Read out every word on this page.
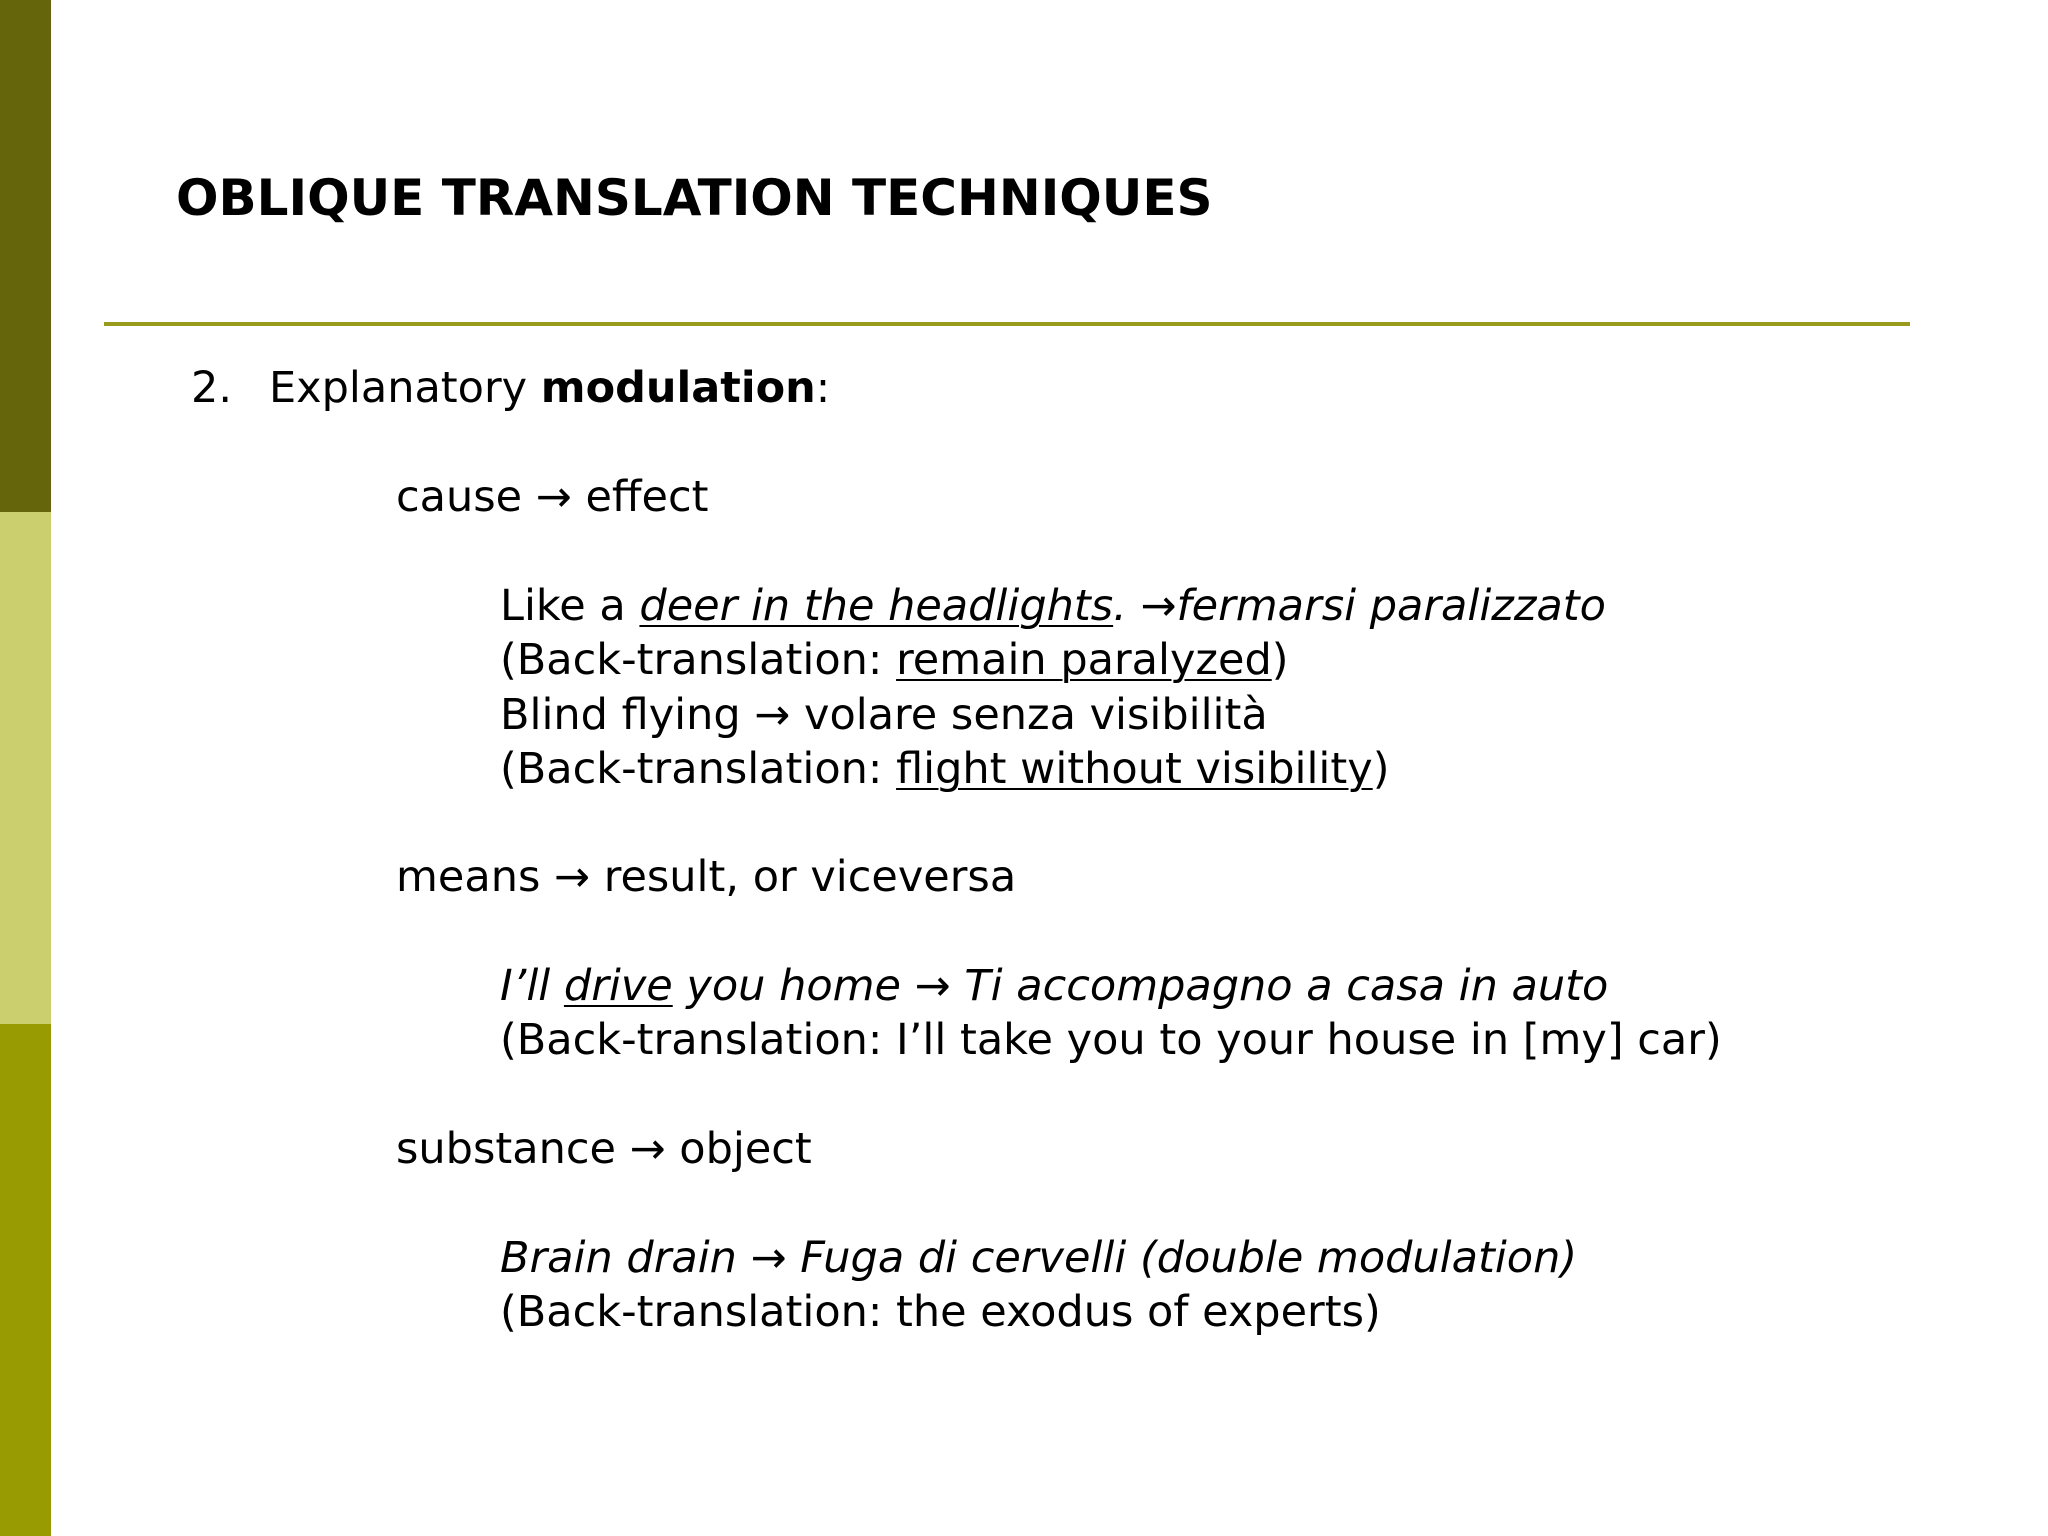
OBLIQUE TRANSLATION TECHNIQUES
2. Explanatory modulation:
cause → effect
Like a deer in the headlights. →fermarsi paralizzato
(Back-translation: remain paralyzed)
Blind flying → volare senza visibilità
(Back-translation: flight without visibility)
means → result, or viceversa
I’ll drive you home → Ti accompagno a casa in auto
(Back-translation: I’ll take you to your house in [my] car)
substance → object
Brain drain → Fuga di cervelli (double modulation)
(Back-translation: the exodus of experts)
